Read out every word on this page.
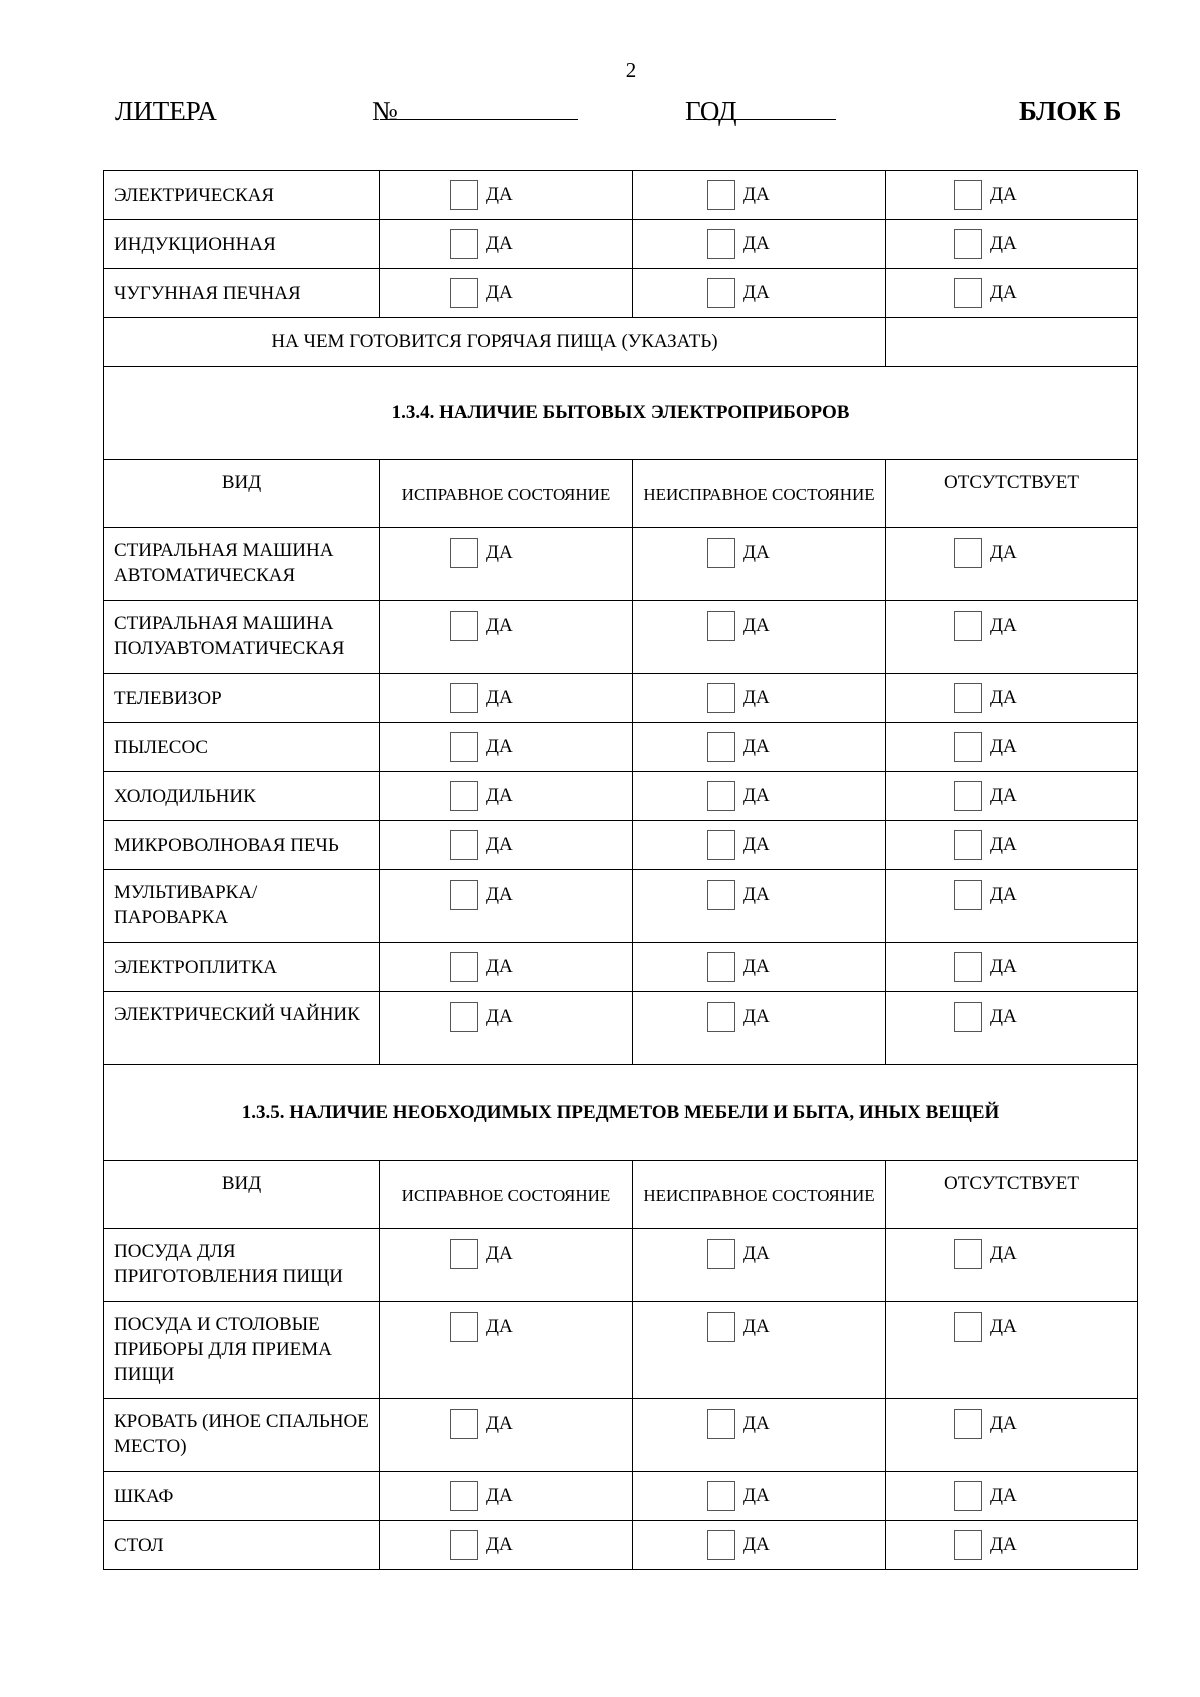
2
ЛИТЕРА	№	ГОД	БЛОК Б
ЭЛЕКТРИЧЕСКАЯ	ДА	ДА	ДА

ИНДУКЦИОННАЯ	ДА	ДА	ДА

ЧУГУННАЯ ПЕЧНАЯ	ДА	ДА	ДА

НА ЧЕМ ГОТОВИТСЯ ГОРЯЧАЯ ПИЩА (УКАЗАТЬ)			
1.3.4. НАЛИЧИЕ БЫТОВЫХ ЭЛЕКТРОПРИБОРОВ			

ВИД	ИСПРАВНОЕ СОСТОЯНИЕ	НЕИСПРАВНОЕ СОСТОЯНИЕ	ОТСУТСТВУЕТ

СТИРАЛЬНАЯ МАШИНА АВТОМАТИЧЕСКАЯ	ДА	ДА	ДА

СТИРАЛЬНАЯ МАШИНА ПОЛУАВТОМАТИЧЕСКАЯ	ДА	ДА	ДА

ТЕЛЕВИЗОР	ДА	ДА	ДА

ПЫЛЕСОС	ДА	ДА	ДА

ХОЛОДИЛЬНИК	ДА	ДА	ДА

МИКРОВОЛНОВАЯ ПЕЧЬ	ДА	ДА	ДА

МУЛЬТИВАРКА/ ПАРОВАРКА	ДА	ДА	ДА

ЭЛЕКТРОПЛИТКА	ДА	ДА	ДА

ЭЛЕКТРИЧЕСКИЙ ЧАЙНИК	ДА	ДА	ДА

1.3.5. НАЛИЧИЕ НЕОБХОДИМЫХ ПРЕДМЕТОВ МЕБЕЛИ И БЫТА, ИНЫХ ВЕЩЕЙ			

ВИД	ИСПРАВНОЕ СОСТОЯНИЕ	НЕИСПРАВНОЕ СОСТОЯНИЕ	ОТСУТСТВУЕТ

ПОСУДА ДЛЯ ПРИГОТОВЛЕНИЯ ПИЩИ	ДА	ДА	ДА

ПОСУДА И СТОЛОВЫЕ ПРИБОРЫ ДЛЯ ПРИЕМА ПИЩИ	ДА	ДА	ДА

КРОВАТЬ (ИНОЕ СПАЛЬНОЕ МЕСТО)	ДА	ДА	ДА

ШКАФ	ДА	ДА	ДА

СТОЛ	ДА	ДА	ДА
